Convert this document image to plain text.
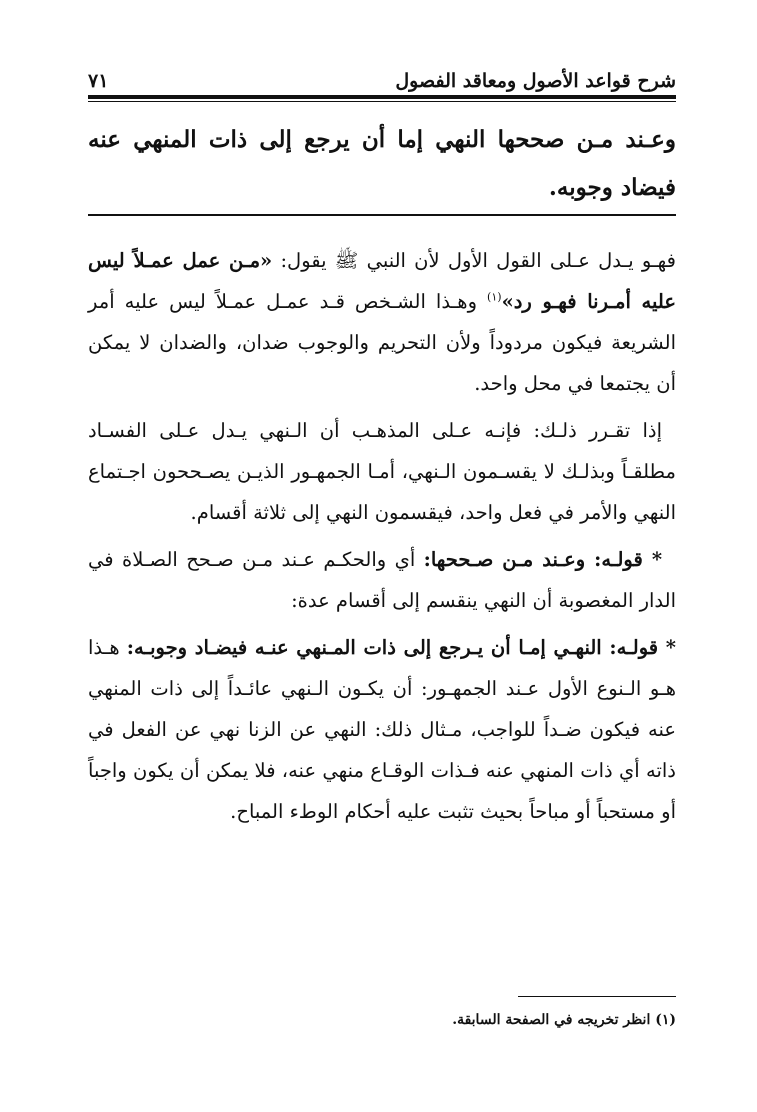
شرح قواعد الأصول ومعاقد الفصول
٧١
وعـند مـن صححها النهي إما أن يرجع إلى ذات المنهي عنه فيضاد وجوبه.

فهـو يـدل عـلى القول الأول لأن النبي ﷺ يقول: «مـن عمل عمـلاً ليس عليه أمـرنا فهـو رد»$^{(١)}$ وهـذا الشـخص قـد عمـل عمـلاً ليس عليه أمر الشريعة فيكون مردوداً ولأن التحريم والوجوب ضدان، والضدان لا يمكن أن يجتمعا في محل واحد.

إذا تقـرر ذلـك: فإنـه عـلى المذهـب أن الـنهي يـدل عـلى الفسـاد مطلقـاً وبذلـك لا يقسـمون الـنهي، أمـا الجمهـور الذيـن يصـححون اجـتماع النهي والأمر في فعل واحد، فيقسمون النهي إلى ثلاثة أقسام.

* قولـه: وعـند مـن صـححها: أي والحكـم عـند مـن صـحح الصـلاة في الدار المغصوبة أن النهي ينقسم إلى أقسام عدة:

* قولـه: النهـي إمـا أن يـرجع إلى ذات المـنهي عنـه فيضـاد وجوبـه: هـذا هـو الـنوع الأول عـند الجمهـور: أن يكـون الـنهي عائـداً إلى ذات المنهي عنه فيكون ضـداً للواجب، مـثال ذلك: النهي عن الزنا نهي عن الفعل في ذاته أي ذات المنهي عنه فـذات الوقـاع منهي عنه، فلا يمكن أن يكون واجباً أو مستحباً أو مباحاً بحيث تثبت عليه أحكام الوطء المباح.

(١) انظر تخريجه في الصفحة السابقة.
